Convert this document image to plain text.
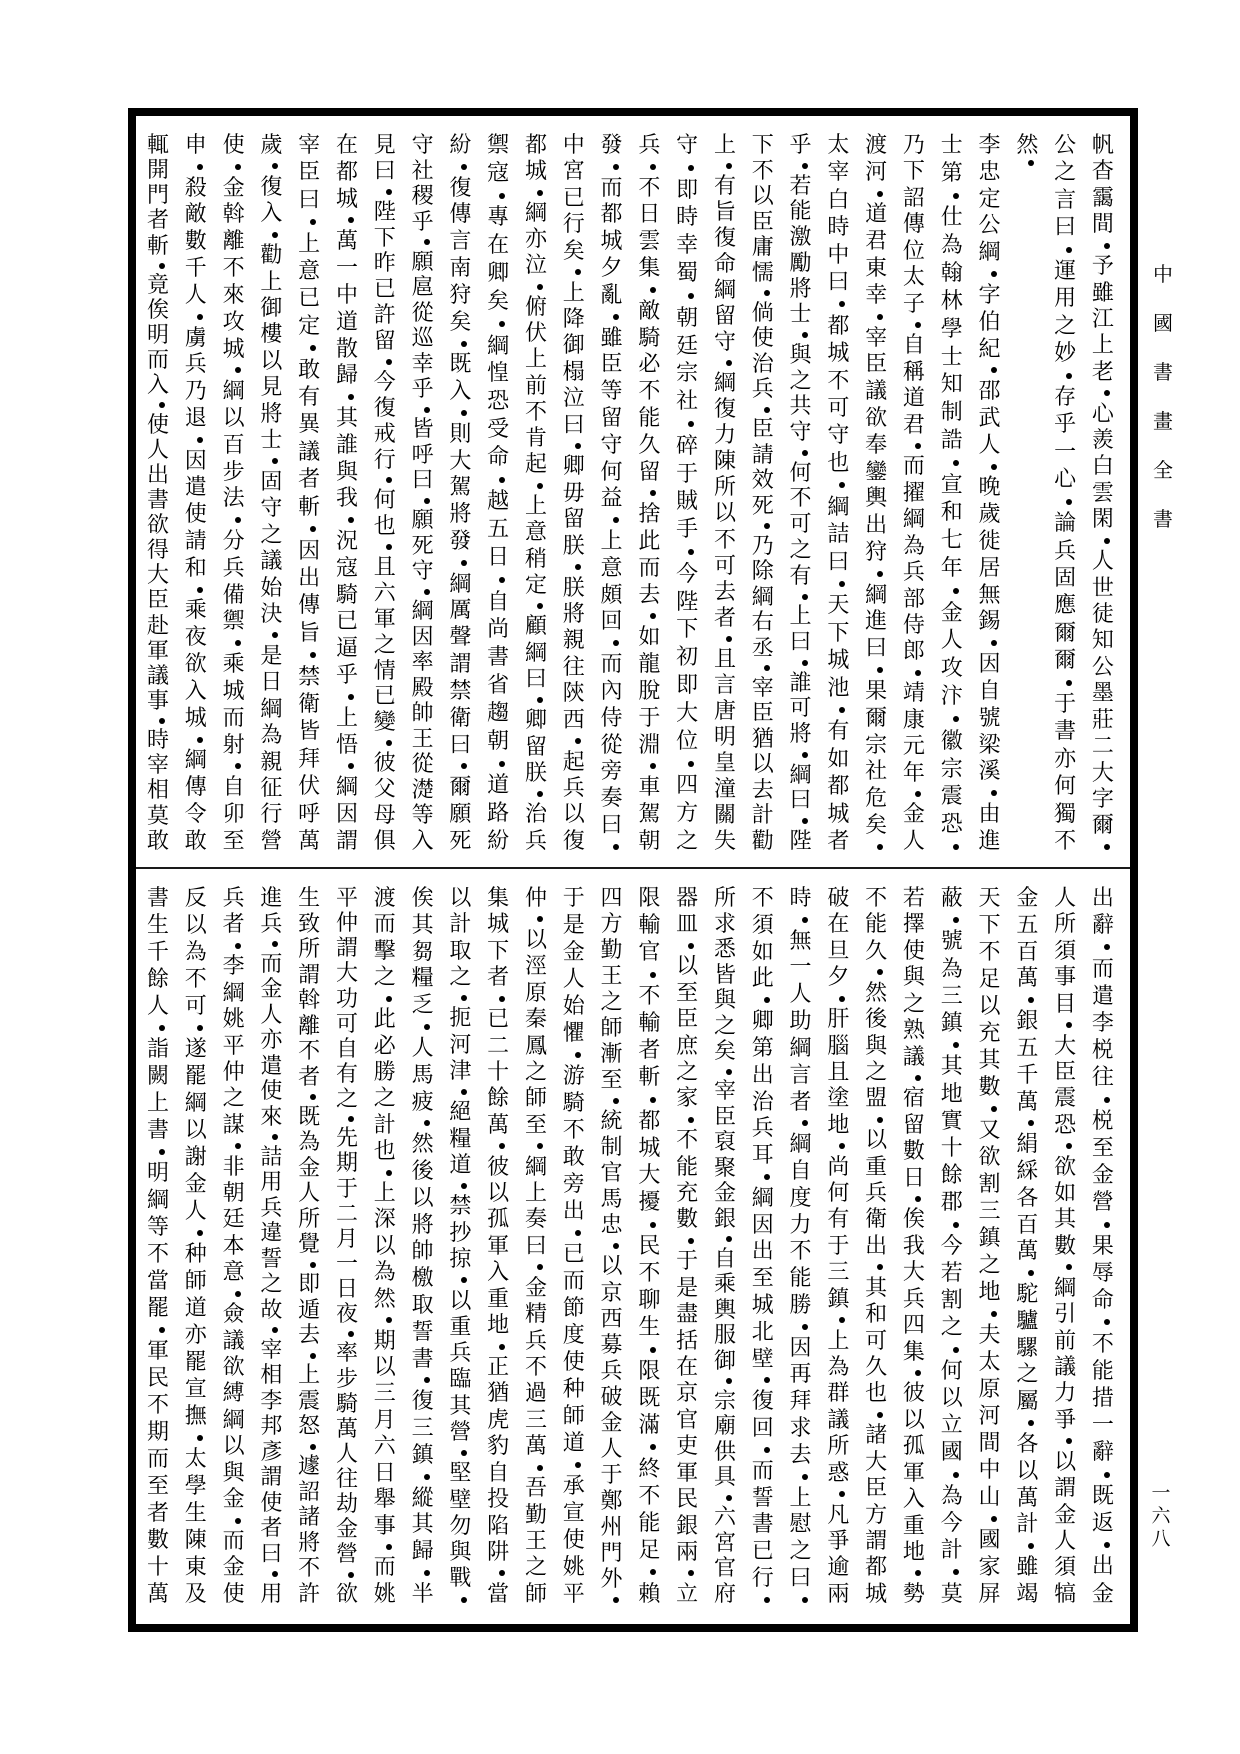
中
國
書
畫
全
書
一
六
八
帆
杳
靄
間
予
雖
江
上
老
心
羨
白
雲
閑
人
世
徒
知
公
墨
莊
二
大
字
爾
公
之
言
曰
運
用
之
妙
存
乎
一
心
論
兵
固
應
爾
爾
于
書
亦
何
獨
不
然
李
忠
定
公
綱
字
伯
紀
邵
武
人
晚
歲
徙
居
無
錫
因
自
號
梁
溪
由
進
士
第
仕
為
翰
林
學
士
知
制
誥
宣
和
七
年
金
人
攻
汴
徽
宗
震
恐
乃
下
詔
傳
位
太
子
自
稱
道
君
而
擢
綱
為
兵
部
侍
郎
靖
康
元
年
金
人
渡
河
道
君
東
幸
宰
臣
議
欲
奉
鑾
輿
出
狩
綱
進
曰
果
爾
宗
社
危
矣
太
宰
白
時
中
曰
都
城
不
可
守
也
綱
詰
曰
天
下
城
池
有
如
都
城
者
乎
若
能
激
勵
將
士
與
之
共
守
何
不
可
之
有
上
曰
誰
可
將
綱
曰
陛
下
不
以
臣
庸
懦
倘
使
治
兵
臣
請
效
死
乃
除
綱
右
丞
宰
臣
猶
以
去
計
勸
上
有
旨
復
命
綱
留
守
綱
復
力
陳
所
以
不
可
去
者
且
言
唐
明
皇
潼
關
失
守
即
時
幸
蜀
朝
廷
宗
社
碎
于
賊
手
今
陛
下
初
即
大
位
四
方
之
兵
不
日
雲
集
敵
騎
必
不
能
久
留
捨
此
而
去
如
龍
脫
于
淵
車
駕
朝
發
而
都
城
夕
亂
雖
臣
等
留
守
何
益
上
意
頗
回
而
內
侍
從
旁
奏
曰
中
宮
已
行
矣
上
降
御
榻
泣
曰
卿
毋
留
朕
朕
將
親
往
陝
西
起
兵
以
復
都
城
綱
亦
泣
俯
伏
上
前
不
肯
起
上
意
稍
定
顧
綱
曰
卿
留
朕
治
兵
禦
寇
專
在
卿
矣
綱
惶
恐
受
命
越
五
日
自
尚
書
省
趨
朝
道
路
紛
紛
復
傳
言
南
狩
矣
既
入
則
大
駕
將
發
綱
厲
聲
謂
禁
衛
曰
爾
願
死
守
社
稷
乎
願
扈
從
巡
幸
乎
皆
呼
曰
願
死
守
綱
因
率
殿
帥
王
從
濋
等
入
見
曰
陛
下
昨
已
許
留
今
復
戒
行
何
也
且
六
軍
之
情
已
變
彼
父
母
俱
在
都
城
萬
一
中
道
散
歸
其
誰
與
我
況
寇
騎
已
逼
乎
上
悟
綱
因
謂
宰
臣
曰
上
意
已
定
敢
有
異
議
者
斬
因
出
傳
旨
禁
衛
皆
拜
伏
呼
萬
歲
復
入
勸
上
御
樓
以
見
將
士
固
守
之
議
始
決
是
日
綱
為
親
征
行
營
使
金
斡
離
不
來
攻
城
綱
以
百
步
法
分
兵
備
禦
乘
城
而
射
自
卯
至
申
殺
敵
數
千
人
虜
兵
乃
退
因
遣
使
請
和
乘
夜
欲
入
城
綱
傳
令
敢
輒
開
門
者
斬
竟
俟
明
而
入
使
人
出
書
欲
得
大
臣
赴
軍
議
事
時
宰
相
莫
敢
出
辭
而
遣
李
棁
往
棁
至
金
營
果
辱
命
不
能
措
一
辭
既
返
出
金
人
所
須
事
目
大
臣
震
恐
欲
如
其
數
綱
引
前
議
力
爭
以
謂
金
人
須
犒
金
五
百
萬
銀
五
千
萬
絹
綵
各
百
萬
駝
驢
騾
之
屬
各
以
萬
計
雖
竭
天
下
不
足
以
充
其
數
又
欲
割
三
鎮
之
地
夫
太
原
河
間
中
山
國
家
屏
蔽
號
為
三
鎮
其
地
實
十
餘
郡
今
若
割
之
何
以
立
國
為
今
計
莫
若
擇
使
與
之
熟
議
宿
留
數
日
俟
我
大
兵
四
集
彼
以
孤
軍
入
重
地
勢
不
能
久
然
後
與
之
盟
以
重
兵
衛
出
其
和
可
久
也
諸
大
臣
方
謂
都
城
破
在
旦
夕
肝
腦
且
塗
地
尚
何
有
于
三
鎮
上
為
群
議
所
惑
凡
爭
逾
兩
時
無
一
人
助
綱
言
者
綱
自
度
力
不
能
勝
因
再
拜
求
去
上
慰
之
曰
不
須
如
此
卿
第
出
治
兵
耳
綱
因
出
至
城
北
壁
復
回
而
誓
書
已
行
所
求
悉
皆
與
之
矣
宰
臣
裒
聚
金
銀
自
乘
輿
服
御
宗
廟
供
具
六
宮
官
府
器
皿
以
至
臣
庶
之
家
不
能
充
數
于
是
盡
括
在
京
官
吏
軍
民
銀
兩
立
限
輸
官
不
輸
者
斬
都
城
大
擾
民
不
聊
生
限
既
滿
終
不
能
足
賴
四
方
勤
王
之
師
漸
至
統
制
官
馬
忠
以
京
西
募
兵
破
金
人
于
鄭
州
門
外
于
是
金
人
始
懼
游
騎
不
敢
旁
出
已
而
節
度
使
种
師
道
承
宣
使
姚
平
仲
以
涇
原
秦
鳳
之
師
至
綱
上
奏
曰
金
精
兵
不
過
三
萬
吾
勤
王
之
師
集
城
下
者
已
二
十
餘
萬
彼
以
孤
軍
入
重
地
正
猶
虎
豹
自
投
陷
阱
當
以
計
取
之
扼
河
津
絕
糧
道
禁
抄
掠
以
重
兵
臨
其
營
堅
壁
勿
與
戰
俟
其
芻
糧
乏
人
馬
疲
然
後
以
將
帥
檄
取
誓
書
復
三
鎮
縱
其
歸
半
渡
而
擊
之
此
必
勝
之
計
也
上
深
以
為
然
期
以
三
月
六
日
舉
事
而
姚
平
仲
謂
大
功
可
自
有
之
先
期
于
二
月
一
日
夜
率
步
騎
萬
人
往
劫
金
營
欲
生
致
所
謂
斡
離
不
者
既
為
金
人
所
覺
即
遁
去
上
震
怒
遽
詔
諸
將
不
許
進
兵
而
金
人
亦
遣
使
來
詰
用
兵
違
誓
之
故
宰
相
李
邦
彥
謂
使
者
曰
用
兵
者
李
綱
姚
平
仲
之
謀
非
朝
廷
本
意
僉
議
欲
縛
綱
以
與
金
而
金
使
反
以
為
不
可
遂
罷
綱
以
謝
金
人
种
師
道
亦
罷
宣
撫
太
學
生
陳
東
及
書
生
千
餘
人
詣
闕
上
書
明
綱
等
不
當
罷
軍
民
不
期
而
至
者
數
十
萬
